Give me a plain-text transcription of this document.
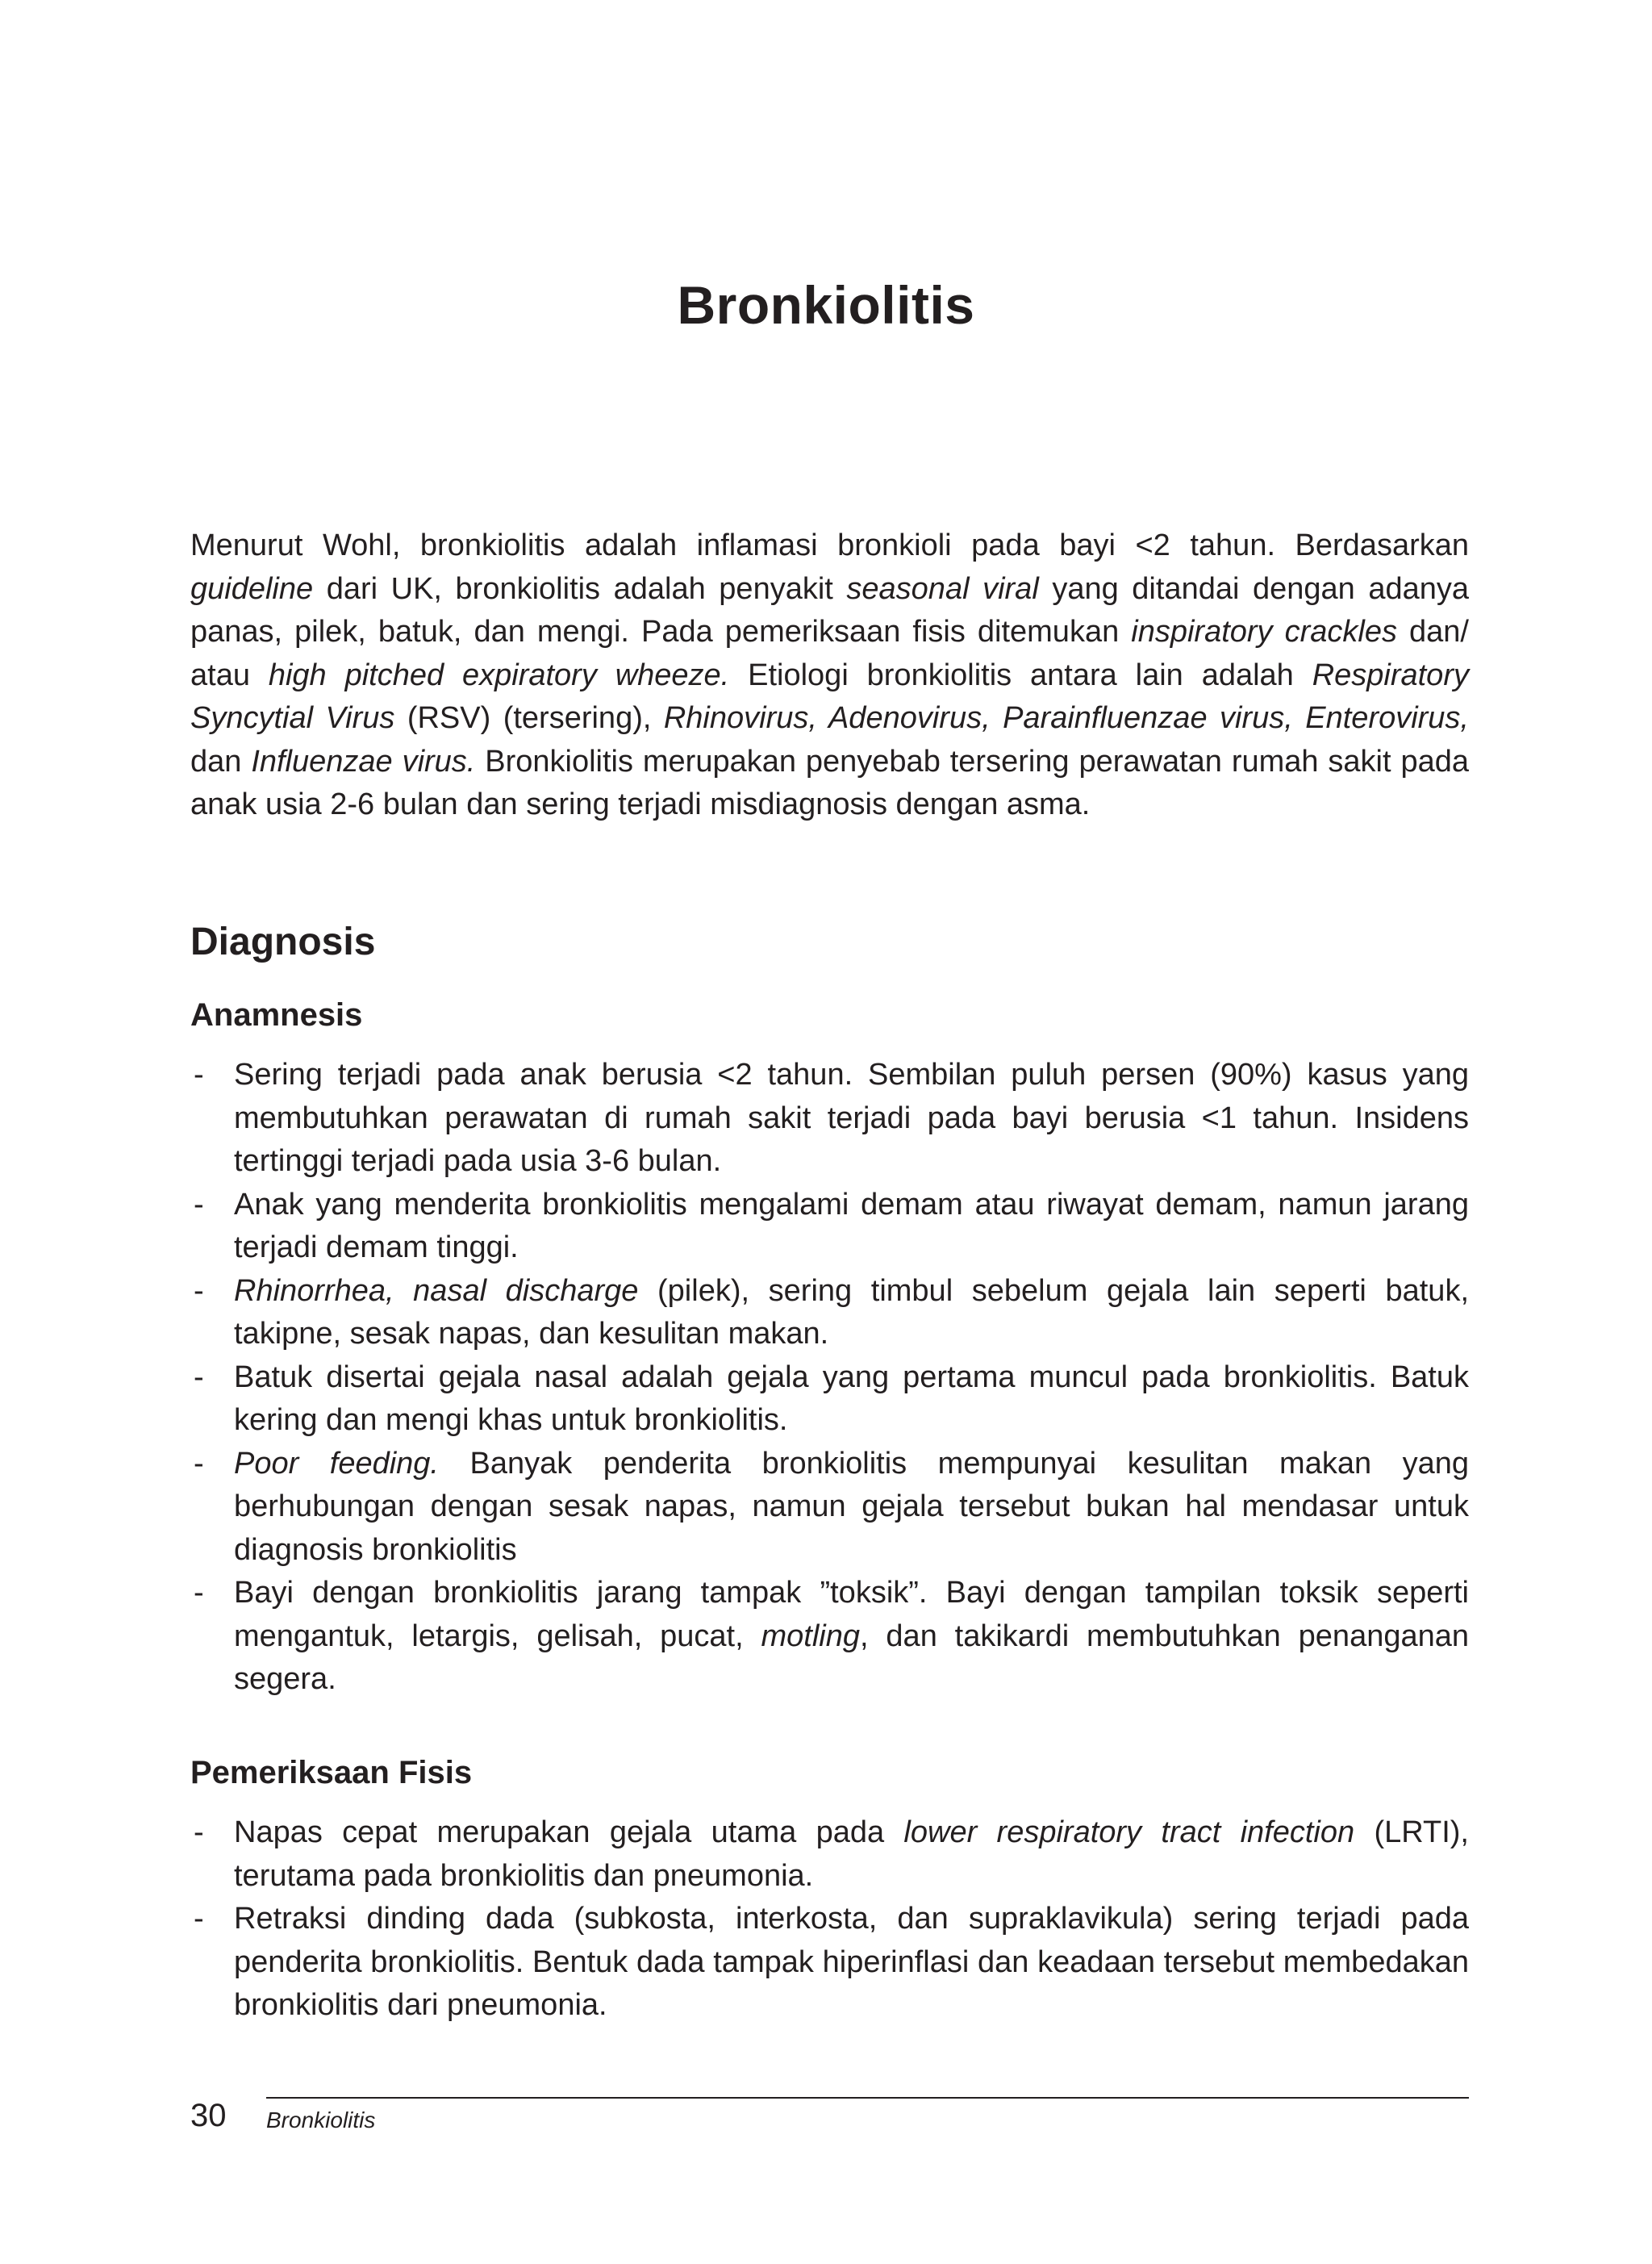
Bronkiolitis

Menurut Wohl, bronkiolitis adalah inflamasi bronkioli pada bayi <2 tahun. Berdasarkan guideline dari UK, bronkiolitis adalah penyakit seasonal viral yang ditandai dengan adanya panas, pilek, batuk, dan mengi. Pada pemeriksaan fisis ditemukan inspiratory crackles dan/ atau high pitched expiratory wheeze. Etiologi bronkiolitis antara lain adalah Respiratory Syncytial Virus (RSV) (tersering), Rhinovirus, Adenovirus, Parainfluenzae virus, Enterovirus, dan Influenzae virus. Bronkiolitis merupakan penyebab tersering perawatan rumah sakit pada anak usia 2-6 bulan dan sering terjadi misdiagnosis dengan asma.

Diagnosis
Anamnesis
- Sering terjadi pada anak berusia <2 tahun. Sembilan puluh persen (90%) kasus yang membutuhkan perawatan di rumah sakit terjadi pada bayi berusia <1 tahun. Insidens tertinggi terjadi pada usia 3-6 bulan.
- Anak yang menderita bronkiolitis mengalami demam atau riwayat demam, namun jarang terjadi demam tinggi.
- Rhinorrhea, nasal discharge (pilek), sering timbul sebelum gejala lain seperti batuk, takipne, sesak napas, dan kesulitan makan.
- Batuk disertai gejala nasal adalah gejala yang pertama muncul pada bronkiolitis. Batuk kering dan mengi khas untuk bronkiolitis.
- Poor feeding. Banyak penderita bronkiolitis mempunyai kesulitan makan yang berhubungan dengan sesak napas, namun gejala tersebut bukan hal mendasar untuk diagnosis bronkiolitis
- Bayi dengan bronkiolitis jarang tampak ”toksik”. Bayi dengan tampilan toksik seperti mengantuk, letargis, gelisah, pucat, motling, dan takikardi membutuhkan penanganan segera.
Pemeriksaan Fisis
- Napas cepat merupakan gejala utama pada lower respiratory tract infection (LRTI), terutama pada bronkiolitis dan pneumonia.
- Retraksi dinding dada (subkosta, interkosta, dan supraklavikula) sering terjadi pada penderita bronkiolitis. Bentuk dada tampak hiperinflasi dan keadaan tersebut membedakan bronkiolitis dari pneumonia.

30 Bronkiolitis
